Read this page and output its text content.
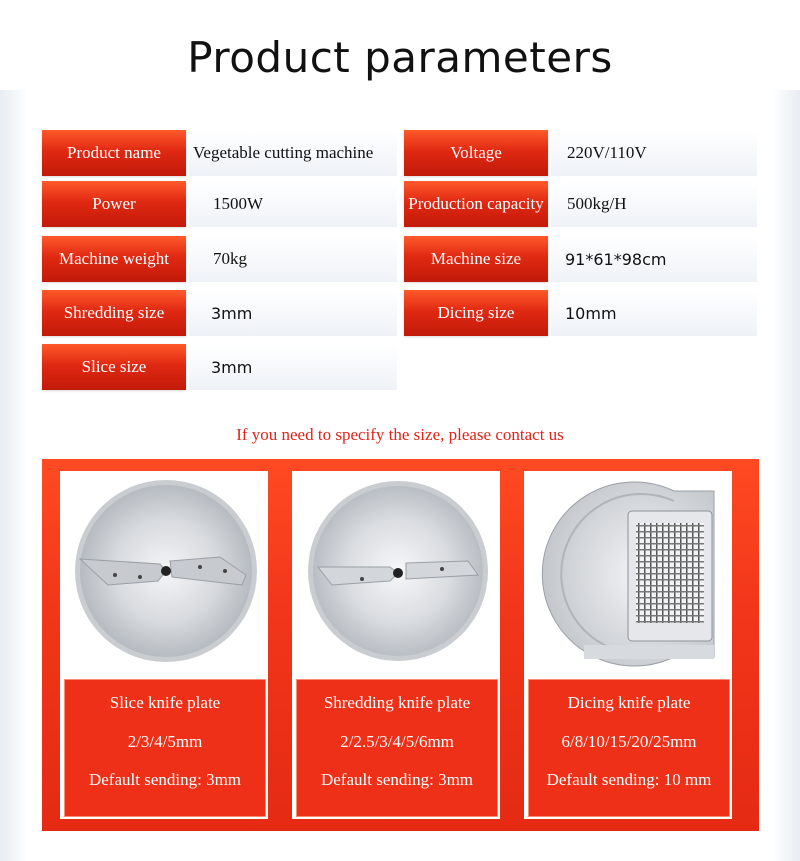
Product parameters
Product name	Vegetable cutting machine	Voltage	220V/110V
Power	1500W	Production capacity	500kg/H
Machine weight	70kg	Machine size	91*61*98cm
Shredding size	3mm	Dicing size	10mm
Slice size	3mm
If you need to specify the size, please contact us
Slice knife plate
2/3/4/5mm
Default sending: 3mm
Shredding knife plate
2/2.5/3/4/5/6mm
Default sending: 3mm
Dicing knife plate
6/8/10/15/20/25mm
Default sending: 10 mm
